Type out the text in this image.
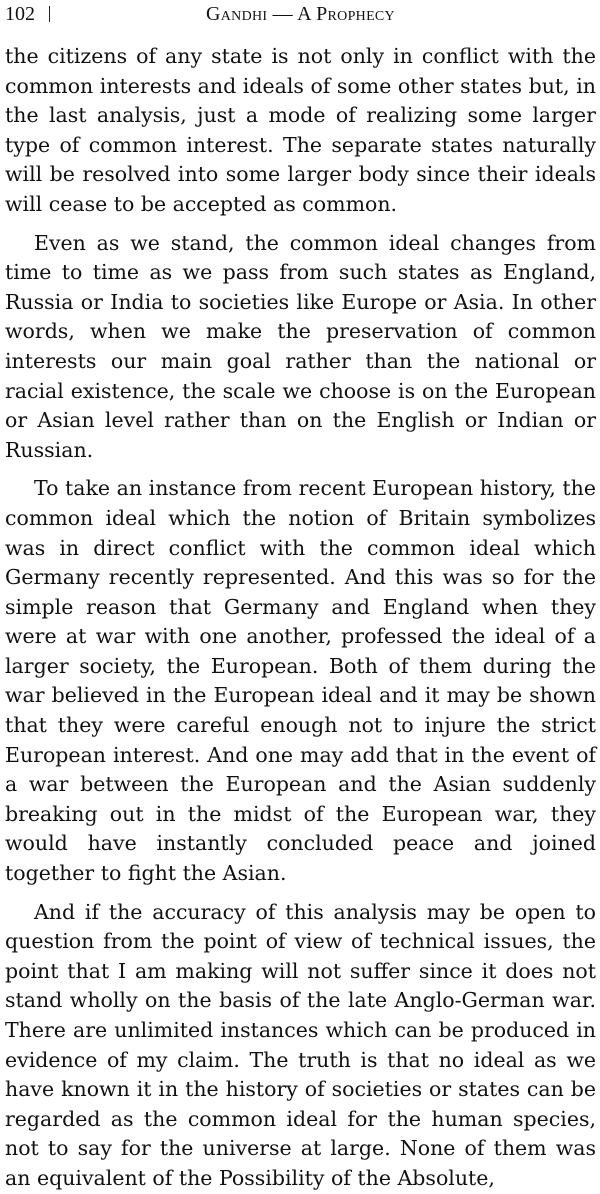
102	Gandhi — A Prophecy

the citizens of any state is not only in conflict with the common interests and ideals of some other states but, in the last analysis, just a mode of realizing some larger type of common interest. The separate states naturally will be resolved into some larger body since their ideals will cease to be accepted as common.

Even as we stand, the common ideal changes from time to time as we pass from such states as England, Russia or India to societies like Europe or Asia. In other words, when we make the preservation of common interests our main goal rather than the national or racial existence, the scale we choose is on the European or Asian level rather than on the English or Indian or Russian.

To take an instance from recent European history, the common ideal which the notion of Britain symbolizes was in direct conflict with the common ideal which Germany recently represented. And this was so for the simple reason that Germany and England when they were at war with one another, professed the ideal of a larger society, the European. Both of them during the war believed in the European ideal and it may be shown that they were careful enough not to injure the strict European interest. And one may add that in the event of a war between the European and the Asian suddenly breaking out in the midst of the European war, they would have instantly concluded peace and joined together to fight the Asian.

And if the accuracy of this analysis may be open to question from the point of view of technical issues, the point that I am making will not suffer since it does not stand wholly on the basis of the late Anglo-German war. There are unlimited instances which can be produced in evidence of my claim. The truth is that no ideal as we have known it in the history of societies or states can be regarded as the common ideal for the human species, not to say for the universe at large. None of them was an equivalent of the Possibility of the Absolute,
